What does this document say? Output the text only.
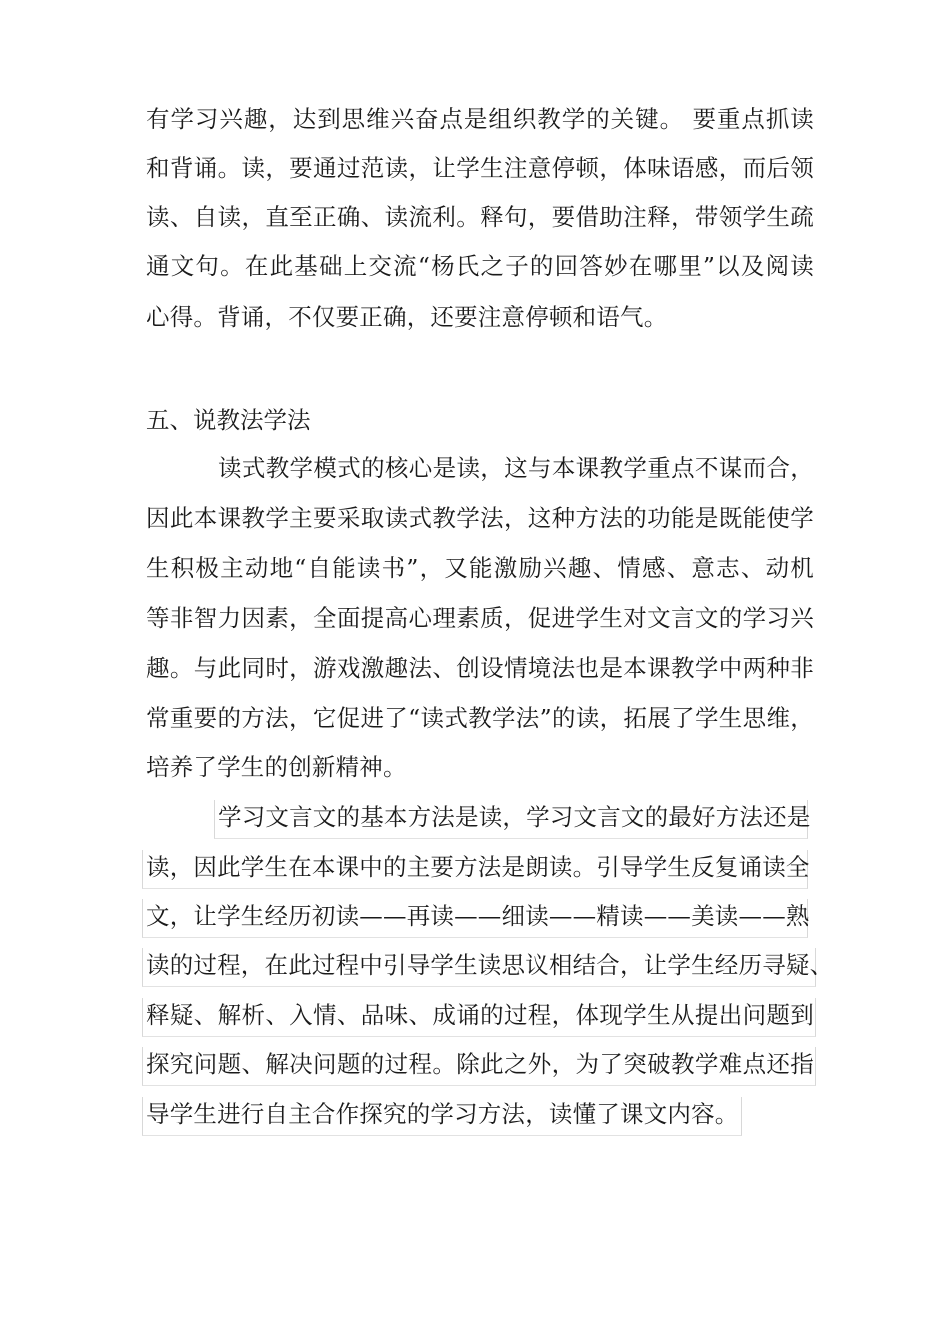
有学习兴趣，达到思维兴奋点是组织教学的关键。 要重点抓读
和背诵。读，要通过范读，让学生注意停顿，体味语感，而后领
读、自读，直至正确、读流利。释句，要借助注释，带领学生疏
通文句。在此基础上交流“杨氏之子的回答妙在哪里”以及阅读
心得。背诵，不仅要正确，还要注意停顿和语气。
五、说教法学法
读式教学模式的核心是读，这与本课教学重点不谋而合，
因此本课教学主要采取读式教学法，这种方法的功能是既能使学
生积极主动地“自能读书”，又能激励兴趣、情感、意志、动机
等非智力因素，全面提高心理素质，促进学生对文言文的学习兴
趣。与此同时，游戏激趣法、创设情境法也是本课教学中两种非
常重要的方法，它促进了“读式教学法”的读，拓展了学生思维，
培养了学生的创新精神。
学习文言文的基本方法是读，学习文言文的最好方法还是
读，因此学生在本课中的主要方法是朗读。引导学生反复诵读全
文，让学生经历初读——再读——细读——精读——美读——熟
读的过程，在此过程中引导学生读思议相结合，让学生经历寻疑、
释疑、解析、入情、品味、成诵的过程，体现学生从提出问题到
探究问题、解决问题的过程。除此之外，为了突破教学难点还指
导学生进行自主合作探究的学习方法，读懂了课文内容。
